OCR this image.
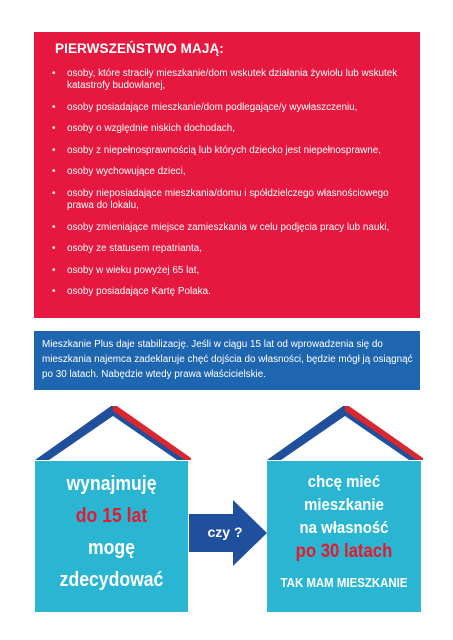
PIERWSZEŃSTWO MAJĄ:
• osoby, które straciły mieszkanie/dom wskutek działania żywiołu lub wskutek katastrofy budowlanej,
• osoby posiadające mieszkanie/dom podlegające/y wywłaszczeniu,
• osoby o względnie niskich dochodach,
• osoby z niepełnosprawnością lub których dziecko jest niepełnosprawne,
• osoby wychowujące dzieci,
• osoby nieposiadające mieszkania/domu i spółdzielczego własnościowego prawa do lokalu,
• osoby zmieniające miejsce zamieszkania w celu podjęcia pracy lub nauki,
• osoby ze statusem repatrianta,
• osoby w wieku powyżej 65 lat,
• osoby posiadające Kartę Polaka.
Mieszkanie Plus daje stabilizację. Jeśli w ciągu 15 lat od wprowadzenia się do mieszkania najemca zadeklaruje chęć dojścia do własności, będzie mógł ją osiągnąć po 30 latach. Nabędzie wtedy prawa właścicielskie.
wynajmuję
do 15 lat
mogę
zdecydować
czy ?
chcę mieć
mieszkanie
na własność
po 30 latach
TAK MAM MIESZKANIE
